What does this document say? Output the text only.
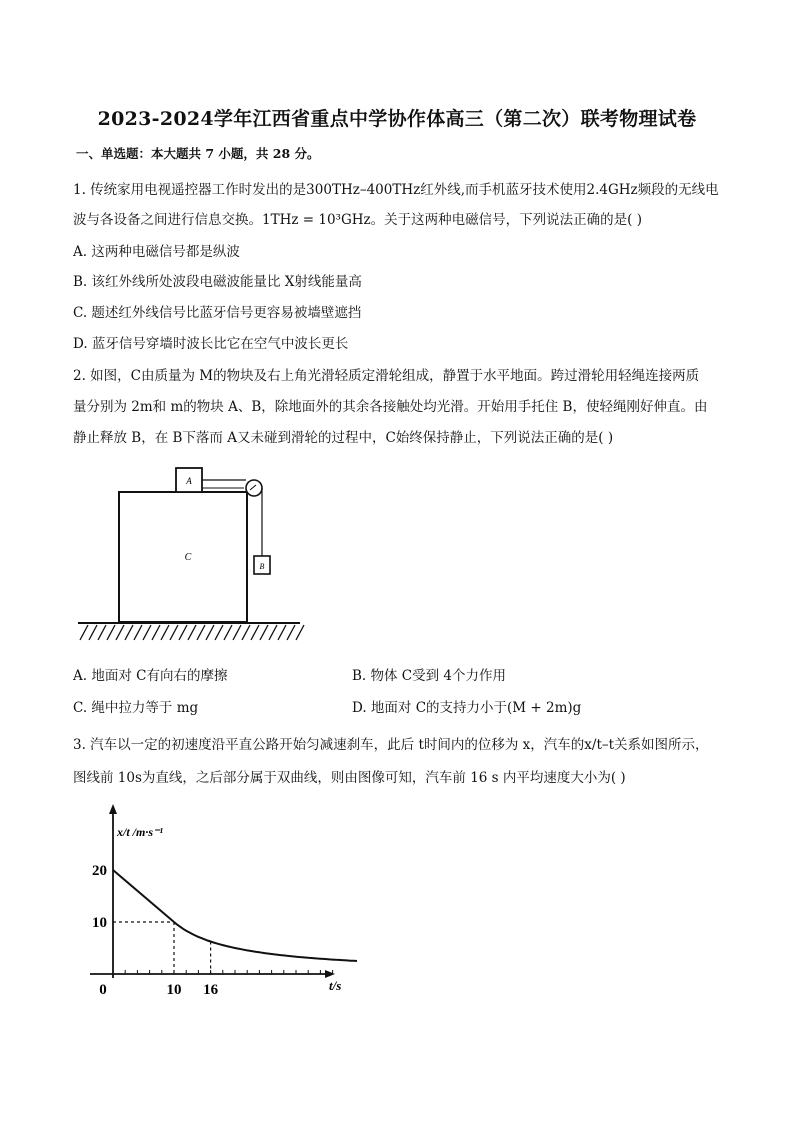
2023-2024学年江西省重点中学协作体高三（第二次）联考物理试卷
一、单选题：本大题共 7 小题，共 28 分。
1. 传统家用电视遥控器工作时发出的是300THz–400THz红外线,而手机蓝牙技术使用2.4GHz频段的无线电
波与各设备之间进行信息交换。1THz = 10³GHz。关于这两种电磁信号，下列说法正确的是( )
A. 这两种电磁信号都是纵波
B. 该红外线所处波段电磁波能量比 X射线能量高
C. 题述红外线信号比蓝牙信号更容易被墙壁遮挡
D. 蓝牙信号穿墙时波长比它在空气中波长更长
2. 如图，C由质量为 M的物块及右上角光滑轻质定滑轮组成，静置于水平地面。跨过滑轮用轻绳连接两质
量分别为 2m和 m的物块 A、B，除地面外的其余各接触处均光滑。开始用手托住 B，使轻绳刚好伸直。由
静止释放 B，在 B下落而 A又未碰到滑轮的过程中，C始终保持静止，下列说法正确的是( )
C
A
B
A. 地面对 C有向右的摩擦	B. 物体 C受到 4个力作用
C. 绳中拉力等于 mg	D. 地面对 C的支持力小于(M + 2m)g
3. 汽车以一定的初速度沿平直公路开始匀减速刹车，此后 t时间内的位移为 x，汽车的x/t–t关系如图所示，
图线前 10s为直线，之后部分属于双曲线，则由图像可知，汽车前 16 s 内平均速度大小为( )
20
10
0	10 16
x/t /m·s⁻¹
t/s
